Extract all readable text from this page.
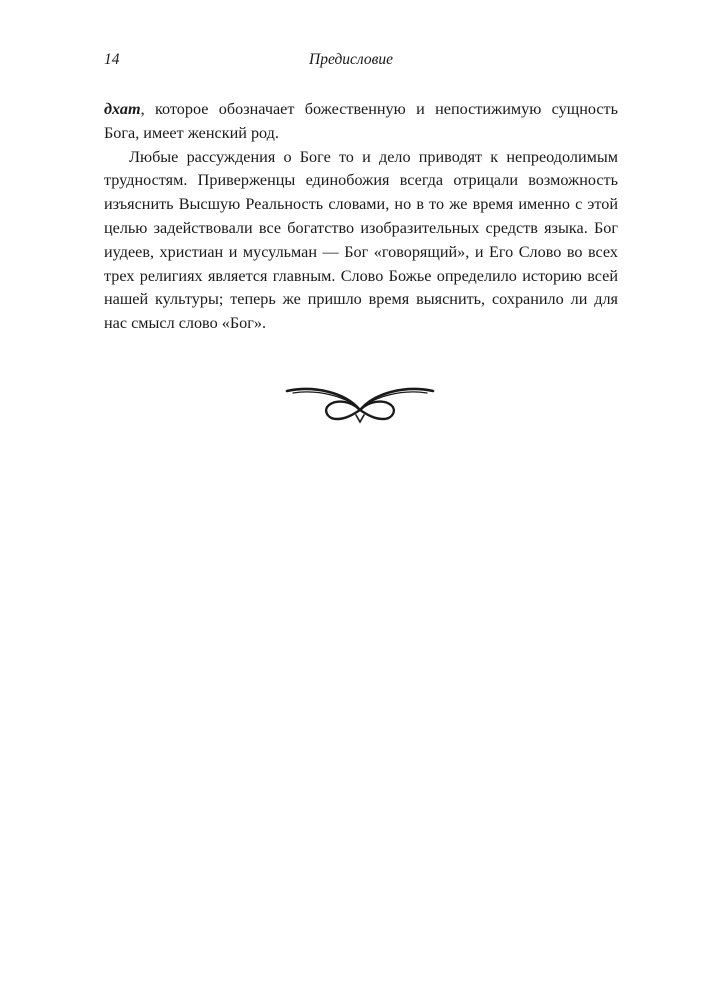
14	Предисловие

дхат, которое обозначает божественную и непостижимую сущность Бога, имеет женский род.

Любые рассуждения о Боге то и дело приводят к непреодолимым трудностям. Приверженцы единобожия всегда отрицали возможность изъяснить Высшую Реальность словами, но в то же время именно с этой целью задействовали все богатство изобразительных средств языка. Бог иудеев, христиан и мусульман — Бог «говорящий», и Его Слово во всех трех религиях является главным. Слово Божье определило историю всей нашей культуры; теперь же пришло время выяснить, сохранило ли для нас смысл слово «Бог».
